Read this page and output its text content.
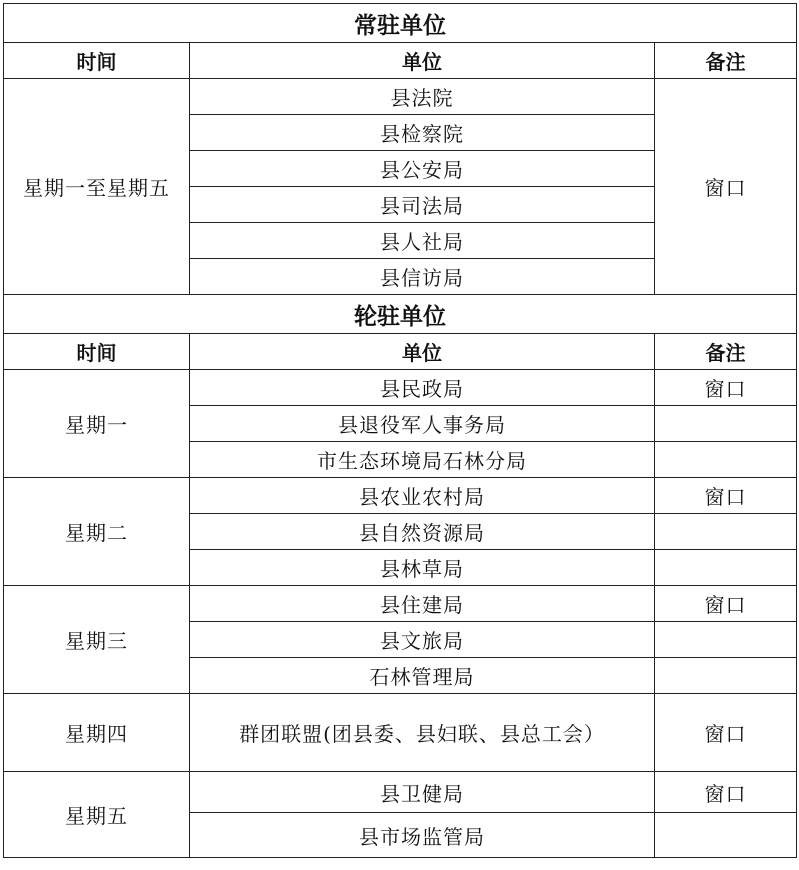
常驻单位		
时间	单位	备注
星期一至星期五	县法院	窗口
	县检察院	
	县公安局	
	县司法局	
	县人社局	
	县信访局	
轮驻单位		
时间	单位	备注
星期一	县民政局	窗口
	县退役军人事务局	
	市生态环境局石林分局	
星期二	县农业农村局	窗口
	县自然资源局	
	县林草局	
星期三	县住建局	窗口
	县文旅局	
	石林管理局	
星期四	群团联盟(团县委、县妇联、县总工会）	窗口
星期五	县卫健局	窗口
	县市场监管局	
